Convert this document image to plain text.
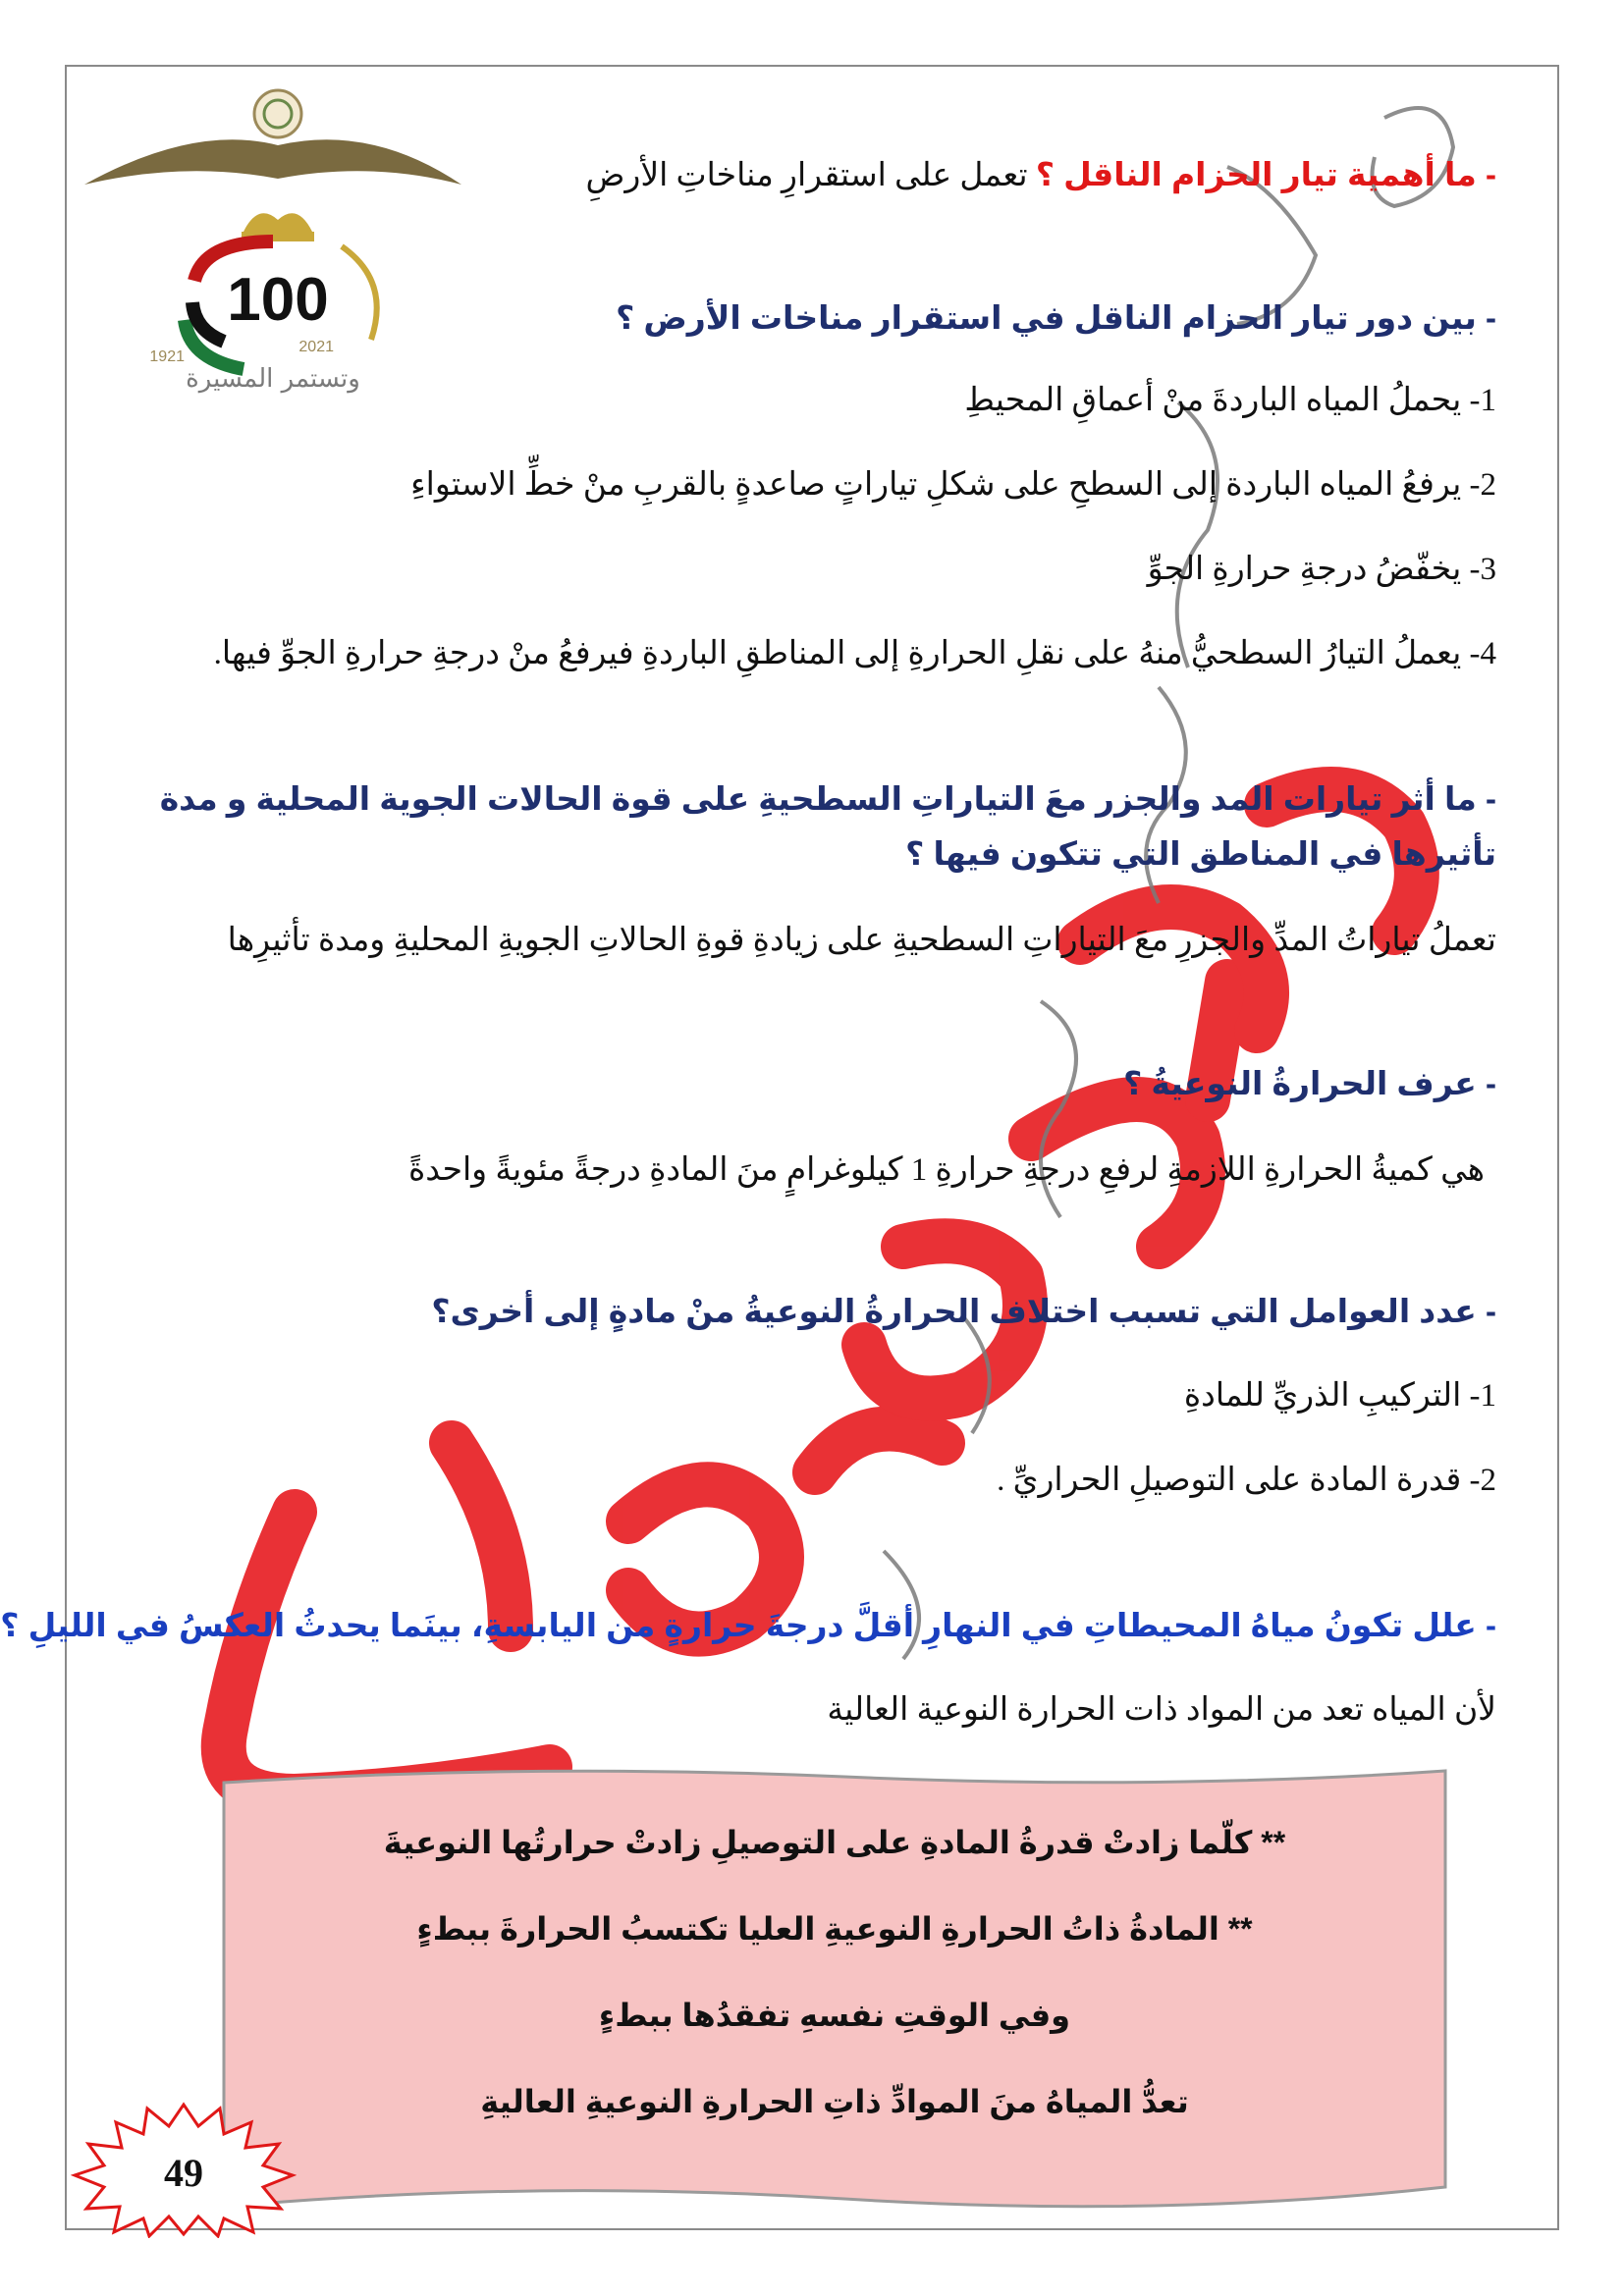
100
1921
2021
وتستمر المسيرة
- ما أهمية تيار الحزام الناقل ؟ تعمل على استقرارِ مناخاتِ الأرضِ
- بين دور تيار الحزام الناقل في استقرار مناخات الأرض ؟
1- يحملُ المياه الباردةَ منْ أعماقِ المحيطِ
2- يرفعُ المياه الباردة إلى السطحِ على شكلِ تياراتٍ صاعدةٍ بالقربِ منْ خطِّ الاستواءِ
3- يخفّضُ درجةِ حرارةِ الجوِّ
4- يعملُ التيارُ السطحيُّ منهُ على نقلِ الحرارةِ إلى المناطقِ الباردةِ فيرفعُ منْ درجةِ حرارةِ الجوِّ فيها.
- ما أثر تيارات المد والجزر معَ التياراتِ السطحيةِ على قوة الحالات الجوية المحلية و مدة تأثيرها في المناطق التي تتكون فيها ؟
تعملُ تياراتُ المدِّ والجزرِ معَ التياراتِ السطحيةِ على زيادةِ قوةِ الحالاتِ الجويةِ المحليةِ ومدة تأثيرِها
- عرف الحرارةُ النوعيةُ ؟
هي كميةُ الحرارةِ اللازمةِ لرفعِ درجةِ حرارةِ 1 كيلوغرامٍ منَ المادةِ درجةً مئويةً واحدةً
- عدد العوامل التي تسبب اختلاف الحرارةُ النوعيةُ منْ مادةٍ إلى أخرى؟
1- التركيبِ الذريِّ للمادةِ
2- قدرة المادة على التوصيلِ الحراريِّ .
- علل تكونُ مياهُ المحيطاتِ في النهارِ أقلَّ درجةَ حرارةٍ من اليابسةِ، بينَما يحدثُ العكسُ في الليلِ ؟
لأن المياه تعد من المواد ذات الحرارة النوعية العالية
** كلّما زادتْ قدرةُ المادةِ على التوصيلِ زادتْ حرارتُها النوعيةَ
** المادةُ ذاتُ الحرارةِ النوعيةِ العليا تكتسبُ الحرارةَ ببطءٍ
وفي الوقتِ نفسهِ تفقدُها ببطءٍ
تعدُّ المياهُ منَ الموادِّ ذاتِ الحرارةِ النوعيةِ العاليةِ
49
